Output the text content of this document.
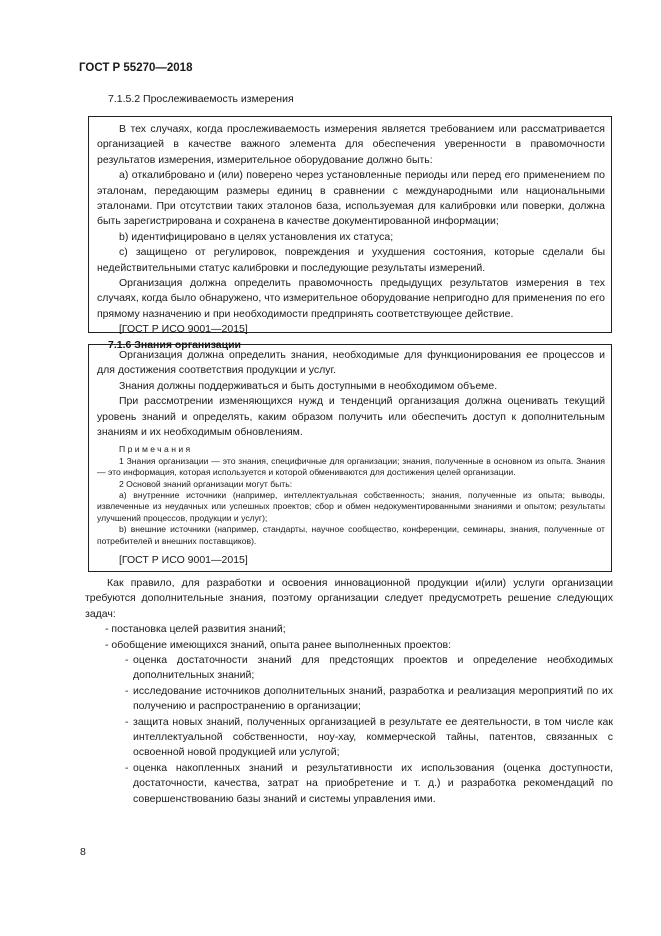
ГОСТ Р 55270—2018
7.1.5.2 Прослеживаемость измерения

В тех случаях, когда прослеживаемость измерения является требованием или рассматривается организацией в качестве важного элемента для обеспечения уверенности в правомочности результатов измерения, измерительное оборудование должно быть:

а) откалибровано и (или) поверено через установленные периоды или перед его применением по эталонам, передающим размеры единиц в сравнении с международными или национальными эталонами. При отсутствии таких эталонов база, используемая для калибровки или поверки, должна быть зарегистрирована и сохранена в качестве документированной информации;

b) идентифицировано в целях установления их статуса;

c) защищено от регулировок, повреждения и ухудшения состояния, которые сделали бы недействительными статус калибровки и последующие результаты измерений.

Организация должна определить правомочность предыдущих результатов измерения в тех случаях, когда было обнаружено, что измерительное оборудование непригодно для применения по его прямому назначению и при необходимости предпринять соответствующее действие.

[ГОСТ Р ИСО 9001—2015]

7.1.6 Знания организации

Организация должна определить знания, необходимые для функционирования ее процессов и для достижения соответствия продукции и услуг.

Знания должны поддерживаться и быть доступными в необходимом объеме.

При рассмотрении изменяющихся нужд и тенденций организация должна оценивать текущий уровень знаний и определять, каким образом получить или обеспечить доступ к дополнительным знаниям и их необходимым обновлениям.

Примечания

1 Знания организации — это знания, специфичные для организации; знания, полученные в основном из опыта. Знания — это информация, которая используется и которой обмениваются для достижения целей организации.

2 Основой знаний организации могут быть:

a) внутренние источники (например, интеллектуальная собственность; знания, полученные из опыта; выводы, извлеченные из неудачных или успешных проектов; сбор и обмен недокументированными знаниями и опытом; результаты улучшений процессов, продукции и услуг);

b) внешние источники (например, стандарты, научное сообщество, конференции, семинары, знания, полученные от потребителей и внешних поставщиков).

[ГОСТ Р ИСО 9001—2015]

Как правило, для разработки и освоения инновационной продукции и(или) услуги организации требуются дополнительные знания, поэтому организации следует предусмотреть решение следующих задач:

- постановка целей развития знаний;
- обобщение имеющихся знаний, опыта ранее выполненных проектов:
- оценка достаточности знаний для предстоящих проектов и определение необходимых дополнительных знаний;
- исследование источников дополнительных знаний, разработка и реализация мероприятий по их получению и распространению в организации;
- защита новых знаний, полученных организацией в результате ее деятельности, в том числе как интеллектуальной собственности, ноу-хау, коммерческой тайны, патентов, связанных с освоенной новой продукцией или услугой;
- оценка накопленных знаний и результативности их использования (оценка доступности, достаточности, качества, затрат на приобретение и т. д.) и разработка рекомендаций по совершенствованию базы знаний и системы управления ими.
8
